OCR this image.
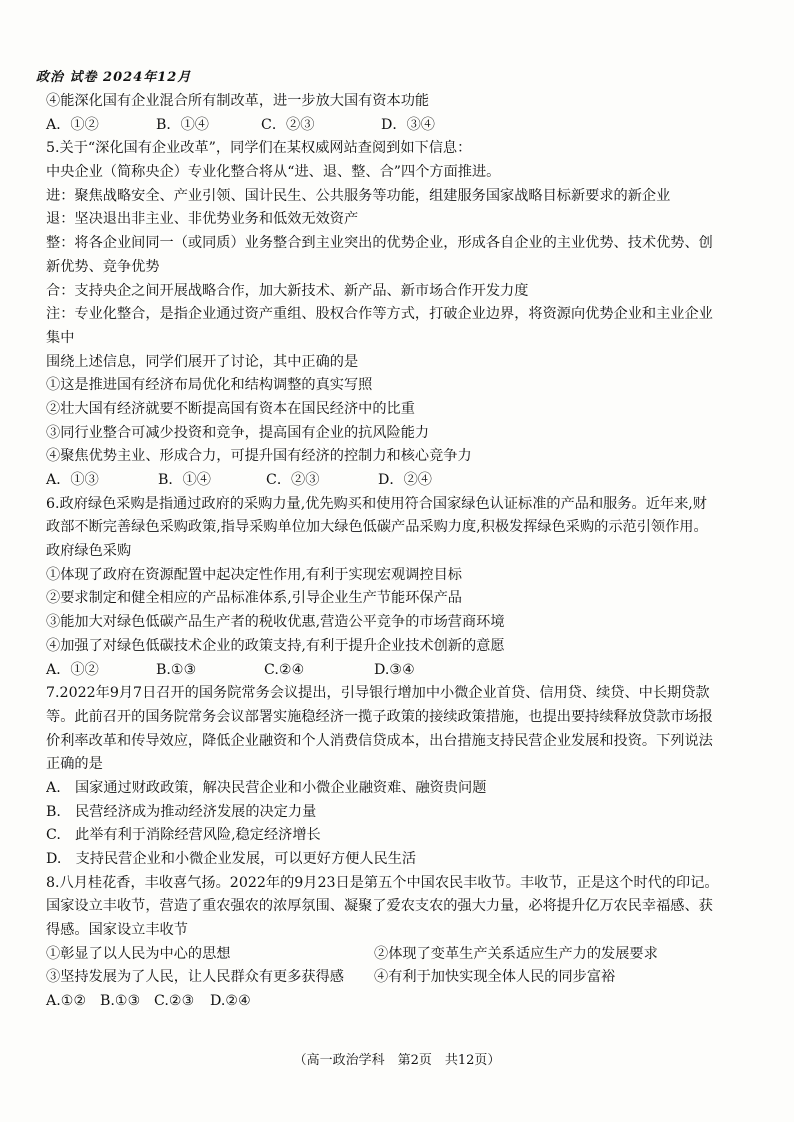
政治 试卷 2024年12月
④能深化国有企业混合所有制改革，进一步放大国有资本功能
A．①②	B．①④	C．②③	D．③④
5.关于“深化国有企业改革”，同学们在某权威网站查阅到如下信息：
中央企业（简称央企）专业化整合将从“进、退、整、合”四个方面推进。
进：聚焦战略安全、产业引领、国计民生、公共服务等功能，组建服务国家战略目标新要求的新企业
退：坚决退出非主业、非优势业务和低效无效资产
整：将各企业间同一（或同质）业务整合到主业突出的优势企业，形成各自企业的主业优势、技术优势、创
新优势、竞争优势
合：支持央企之间开展战略合作，加大新技术、新产品、新市场合作开发力度
注：专业化整合，是指企业通过资产重组、股权合作等方式，打破企业边界，将资源向优势企业和主业企业
集中
围绕上述信息，同学们展开了讨论，其中正确的是
①这是推进国有经济布局优化和结构调整的真实写照
②壮大国有经济就要不断提高国有资本在国民经济中的比重
③同行业整合可减少投资和竞争，提高国有企业的抗风险能力
④聚焦优势主业、形成合力，可提升国有经济的控制力和核心竞争力
A．①③	B．①④	C．②③	D．②④
6.政府绿色采购是指通过政府的采购力量,优先购买和使用符合国家绿色认证标准的产品和服务。近年来,财
政部不断完善绿色采购政策,指导采购单位加大绿色低碳产品采购力度,积极发挥绿色采购的示范引领作用。
政府绿色采购
①体现了政府在资源配置中起决定性作用,有利于实现宏观调控目标
②要求制定和健全相应的产品标准体系,引导企业生产节能环保产品
③能加大对绿色低碳产品生产者的税收优惠,营造公平竞争的市场营商环境
④加强了对绿色低碳技术企业的政策支持,有利于提升企业技术创新的意愿
A．①②	B.①③	C.②④	D.③④
7.2022年9月7日召开的国务院常务会议提出，引导银行增加中小微企业首贷、信用贷、续贷、中长期贷款
等。此前召开的国务院常务会议部署实施稳经济一揽子政策的接续政策措施，也提出要持续释放贷款市场报
价利率改革和传导效应，降低企业融资和个人消费信贷成本，出台措施支持民营企业发展和投资。下列说法
正确的是
A.　国家通过财政政策，解决民营企业和小微企业融资难、融资贵问题
B.　民营经济成为推动经济发展的决定力量
C.　此举有利于消除经营风险,稳定经济增长
D.　支持民营企业和小微企业发展，可以更好方便人民生活
8.八月桂花香，丰收喜气扬。2022年的9月23日是第五个中国农民丰收节。丰收节，正是这个时代的印记。
国家设立丰收节，营造了重农强农的浓厚氛围、凝聚了爱农支农的强大力量，必将提升亿万农民幸福感、获
得感。国家设立丰收节
①彰显了以人民为中心的思想	②体现了变革生产关系适应生产力的发展要求
③坚持发展为了人民，让人民群众有更多获得感	④有利于加快实现全体人民的同步富裕
A.①② B.①③ C.②③	D.②④
（高一政治学科　第2页　共12页）
